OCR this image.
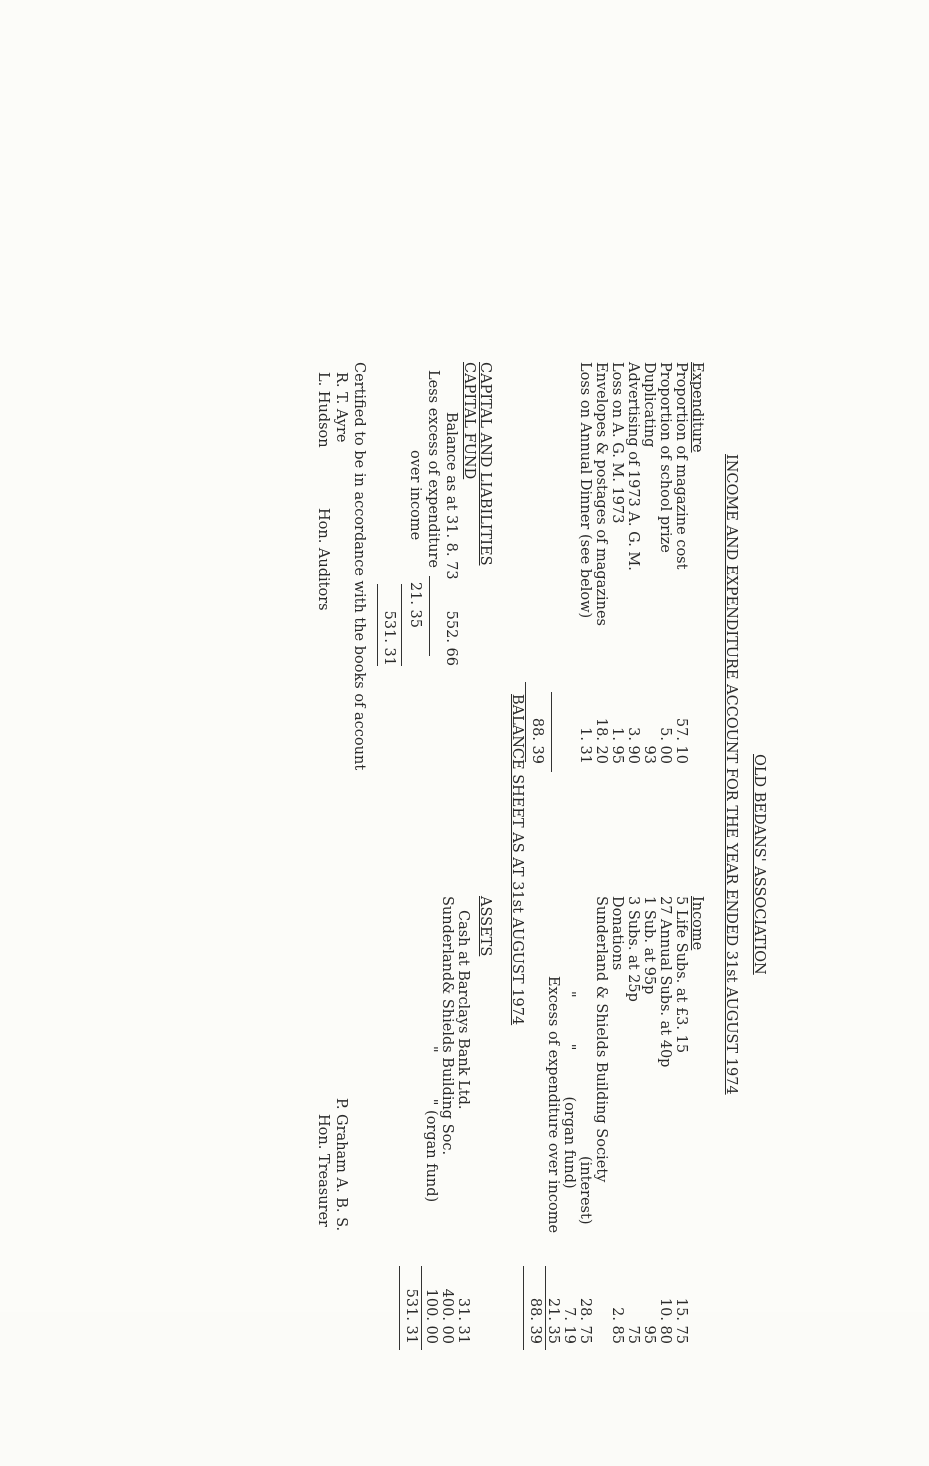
OLD BEDANS' ASSOCIATION
INCOME AND EXPENDITURE ACCOUNT FOR THE YEAR ENDED 31st AUGUST 1974
Expenditure
Proportion of magazine cost
57. 10
Proportion of school prize
5. 00
Duplicating
93
Advertising of 1973 A. G. M.
3. 90
Loss on A. G. M. 1973
1. 95
Envelopes & postages of magazines
18. 20
Loss on Annual Dinner (see below)
1. 31
Income
5 Life Subs. at £3. 15
15. 75
27 Annual Subs. at 40p
10. 80
1 Sub. at 95p
95
3 Subs. at 25p
75
Donations
2. 85
Sunderland & Shields Building Society
(interest)
28. 75
"          "          (organ fund)
7. 19
Excess of expenditure over income
21. 35
88. 39
88. 39
BALANCE SHEET AS AT 31st AUGUST 1974
CAPITAL AND LIABILITIES
CAPITAL FUND
Balance as at 31. 8. 73
552. 66
Less excess of expenditure
over income
21. 35
531. 31
ASSETS
Cash at Barclays Bank Ltd.
31. 31
Sunderland& Shields Building Soc.
400. 00
"          " (organ fund)
100. 00
531. 31
Certified to be in accordance with the books of account
R. T. Ayre
L. Hudson
Hon. Auditors
P. Graham A. B. S.
Hon. Treasurer
